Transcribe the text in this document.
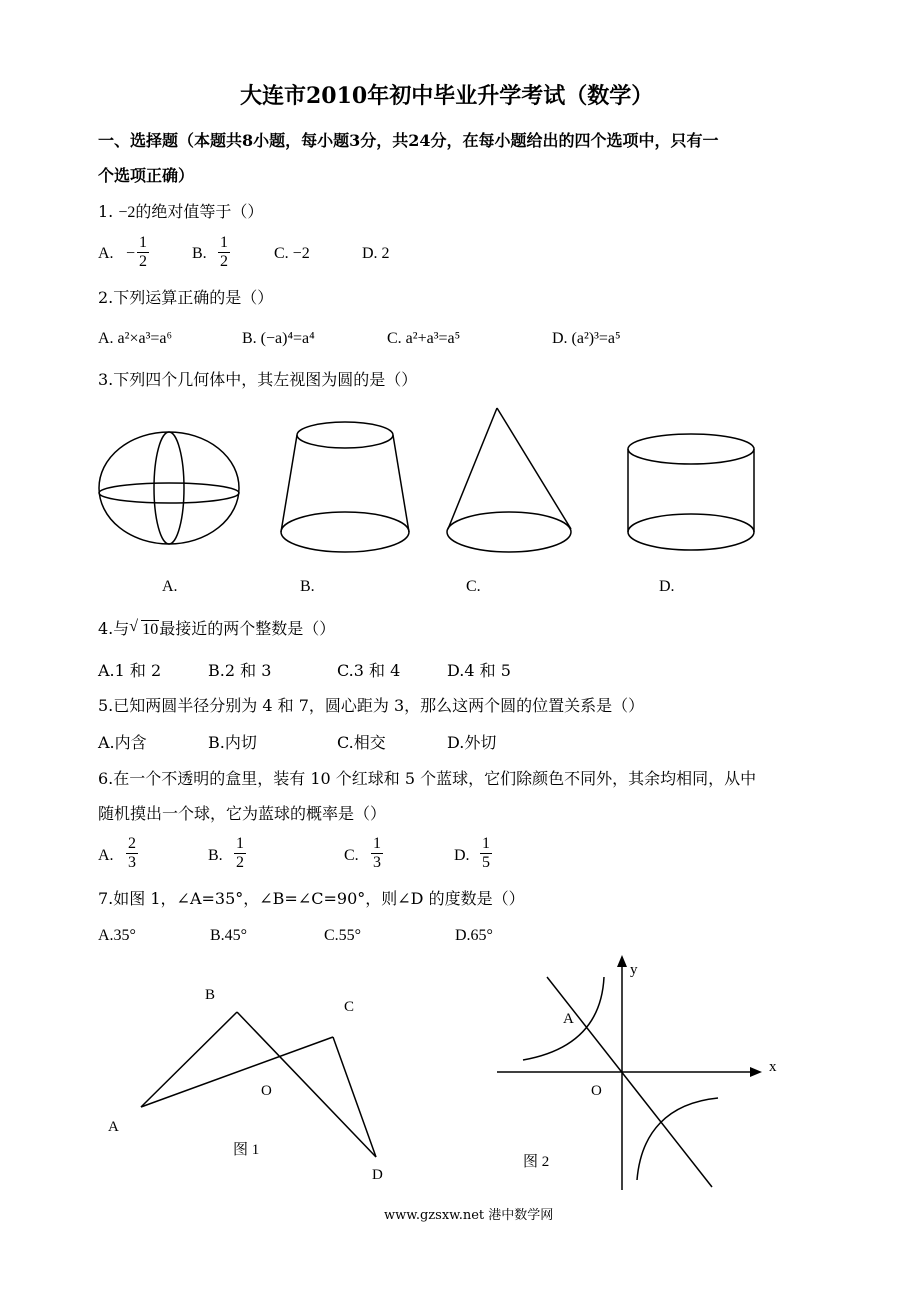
大连市2010年初中毕业升学考试（数学）
一、选择题（本题共8小题，每小题3分，共24分，在每小题给出的四个选项中，只有一
个选项正确）
1. −2的绝对值等于（）
A. − $\frac{1}{2}$	B. $\frac{1}{2}$	C. −2	D. 2
2.下列运算正确的是（）
A. a²×a³=a⁶	B. (−a)⁴=a⁴	C. a²+a³=a⁵	D. (a²)³=a⁵
3.下列四个几何体中，其左视图为圆的是（）
A.	B.	C.	D.
4.与 √ 10最接近的两个整数是（）
A.1 和 2	B.2 和 3	C.3 和 4	D.4 和 5
5.已知两圆半径分别为 4 和 7，圆心距为 3，那么这两个圆的位置关系是（）
A.内含	B.内切	C.相交	D.外切
6.在一个不透明的盒里，装有 10 个红球和 5 个蓝球，它们除颜色不同外，其余均相同，从中
随机摸出一个球，它为蓝球的概率是（）
A. $\frac{2}{3}$	B. $\frac{1}{2}$	C. $\frac{1}{3}$	D. $\frac{1}{5}$
7.如图 1，∠A=35°，∠B=∠C=90°，则∠D 的度数是（）
A.35°	B.45°	C.55°	D.65°
B
C
O
A
D
图 1
y
A
x
O
图 2
www.gzsxw.net 港中数学网
